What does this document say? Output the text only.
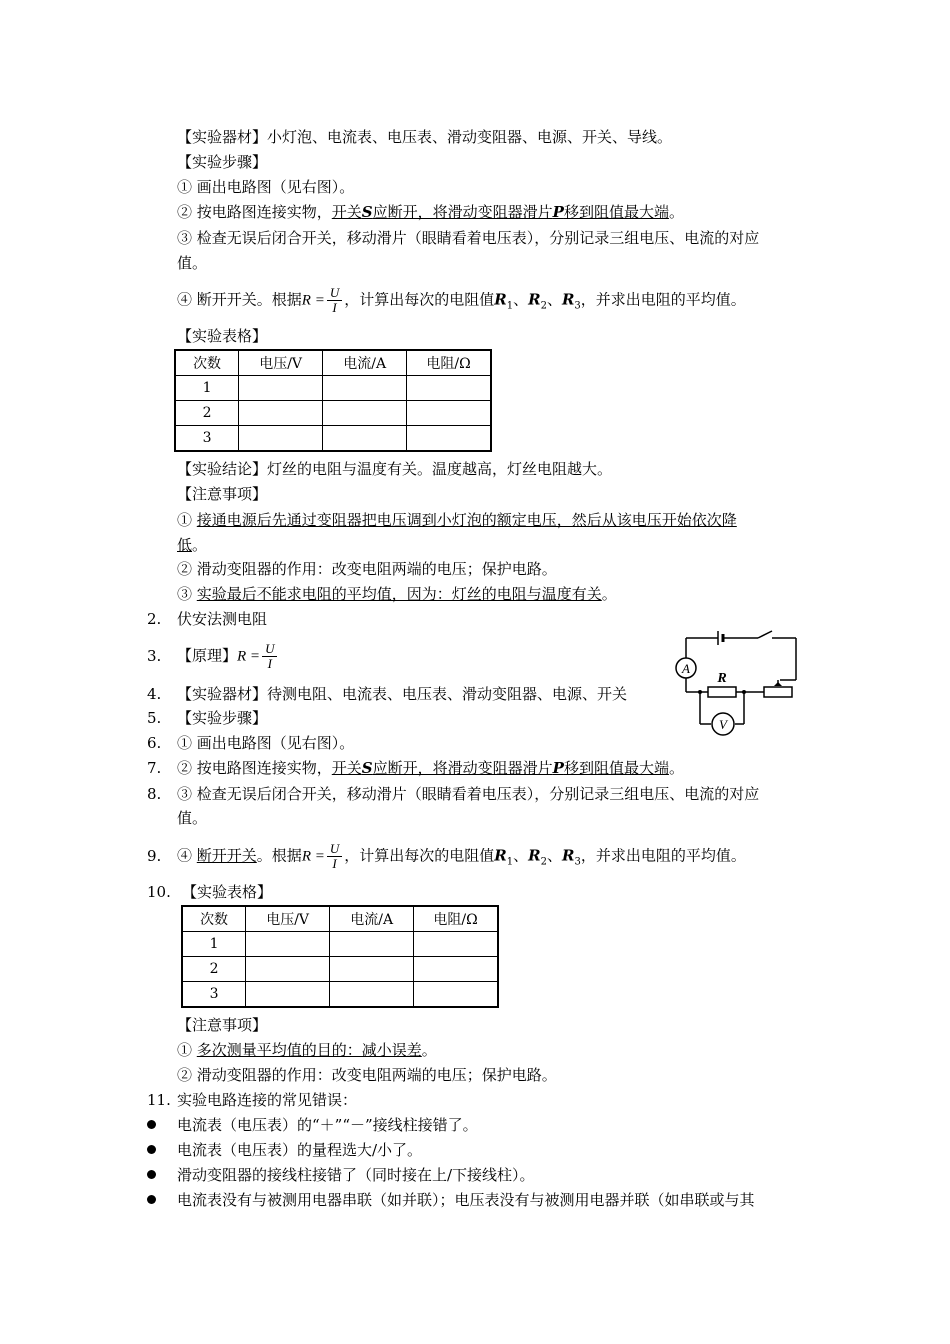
【实验器材】小灯泡、电流表、电压表、滑动变阻器、电源、开关、导线。
【实验步骤】
① 画出电路图（见右图）。
② 按电路图连接实物，开关S应断开，将滑动变阻器滑片P移到阻值最大端。
③ 检查无误后闭合开关，移动滑片（眼睛看着电压表），分别记录三组电压、电流的对应
值。
④ 断开开关。根据$R = \frac{U}{I}$ ，计算出每次的电阻值$R_1$、$R_2$、$R_3$，并求出电阻的平均值。
【实验表格】
次数	电压/V	电流/A	电阻/Ω
1			
2			
3			
【实验结论】灯丝的电阻与温度有关。温度越高，灯丝电阻越大。
【注意事项】
① 接通电源后先通过变阻器把电压调到小灯泡的额定电压，然后从该电压开始依次降
低。
② 滑动变阻器的作用：改变电阻两端的电压；保护电路。
③ 实验最后不能求电阻的平均值，因为：灯丝的电阻与温度有关。
2. 伏安法测电阻
3. 【原理】$R = \frac{U}{I}$
4. 【实验器材】待测电阻、电流表、电压表、滑动变阻器、电源、开关
5. 【实验步骤】
6. ① 画出电路图（见右图）。
7. ② 按电路图连接实物，开关S应断开，将滑动变阻器滑片P移到阻值最大端。
8. ③ 检查无误后闭合开关，移动滑片（眼睛看着电压表），分别记录三组电压、电流的对应
值。
9. ④ 断开开关。根据$R = \frac{U}{I}$ ，计算出每次的电阻值$R_1$、$R_2$、$R_3$，并求出电阻的平均值。
10. 【实验表格】
次数	电压/V	电流/A	电阻/Ω
1			
2			
3			
【注意事项】
① 多次测量平均值的目的：减小误差。
② 滑动变阻器的作用：改变电阻两端的电压；保护电路。
11. 实验电路连接的常见错误：
电流表（电压表）的“＋”“－”接线柱接错了。
电流表（电压表）的量程选大/小了。
滑动变阻器的接线柱接错了（同时接在上/下接线柱）。
电流表没有与被测用电器串联（如并联）；电压表没有与被测用电器并联（如串联或与其
A
V
R
